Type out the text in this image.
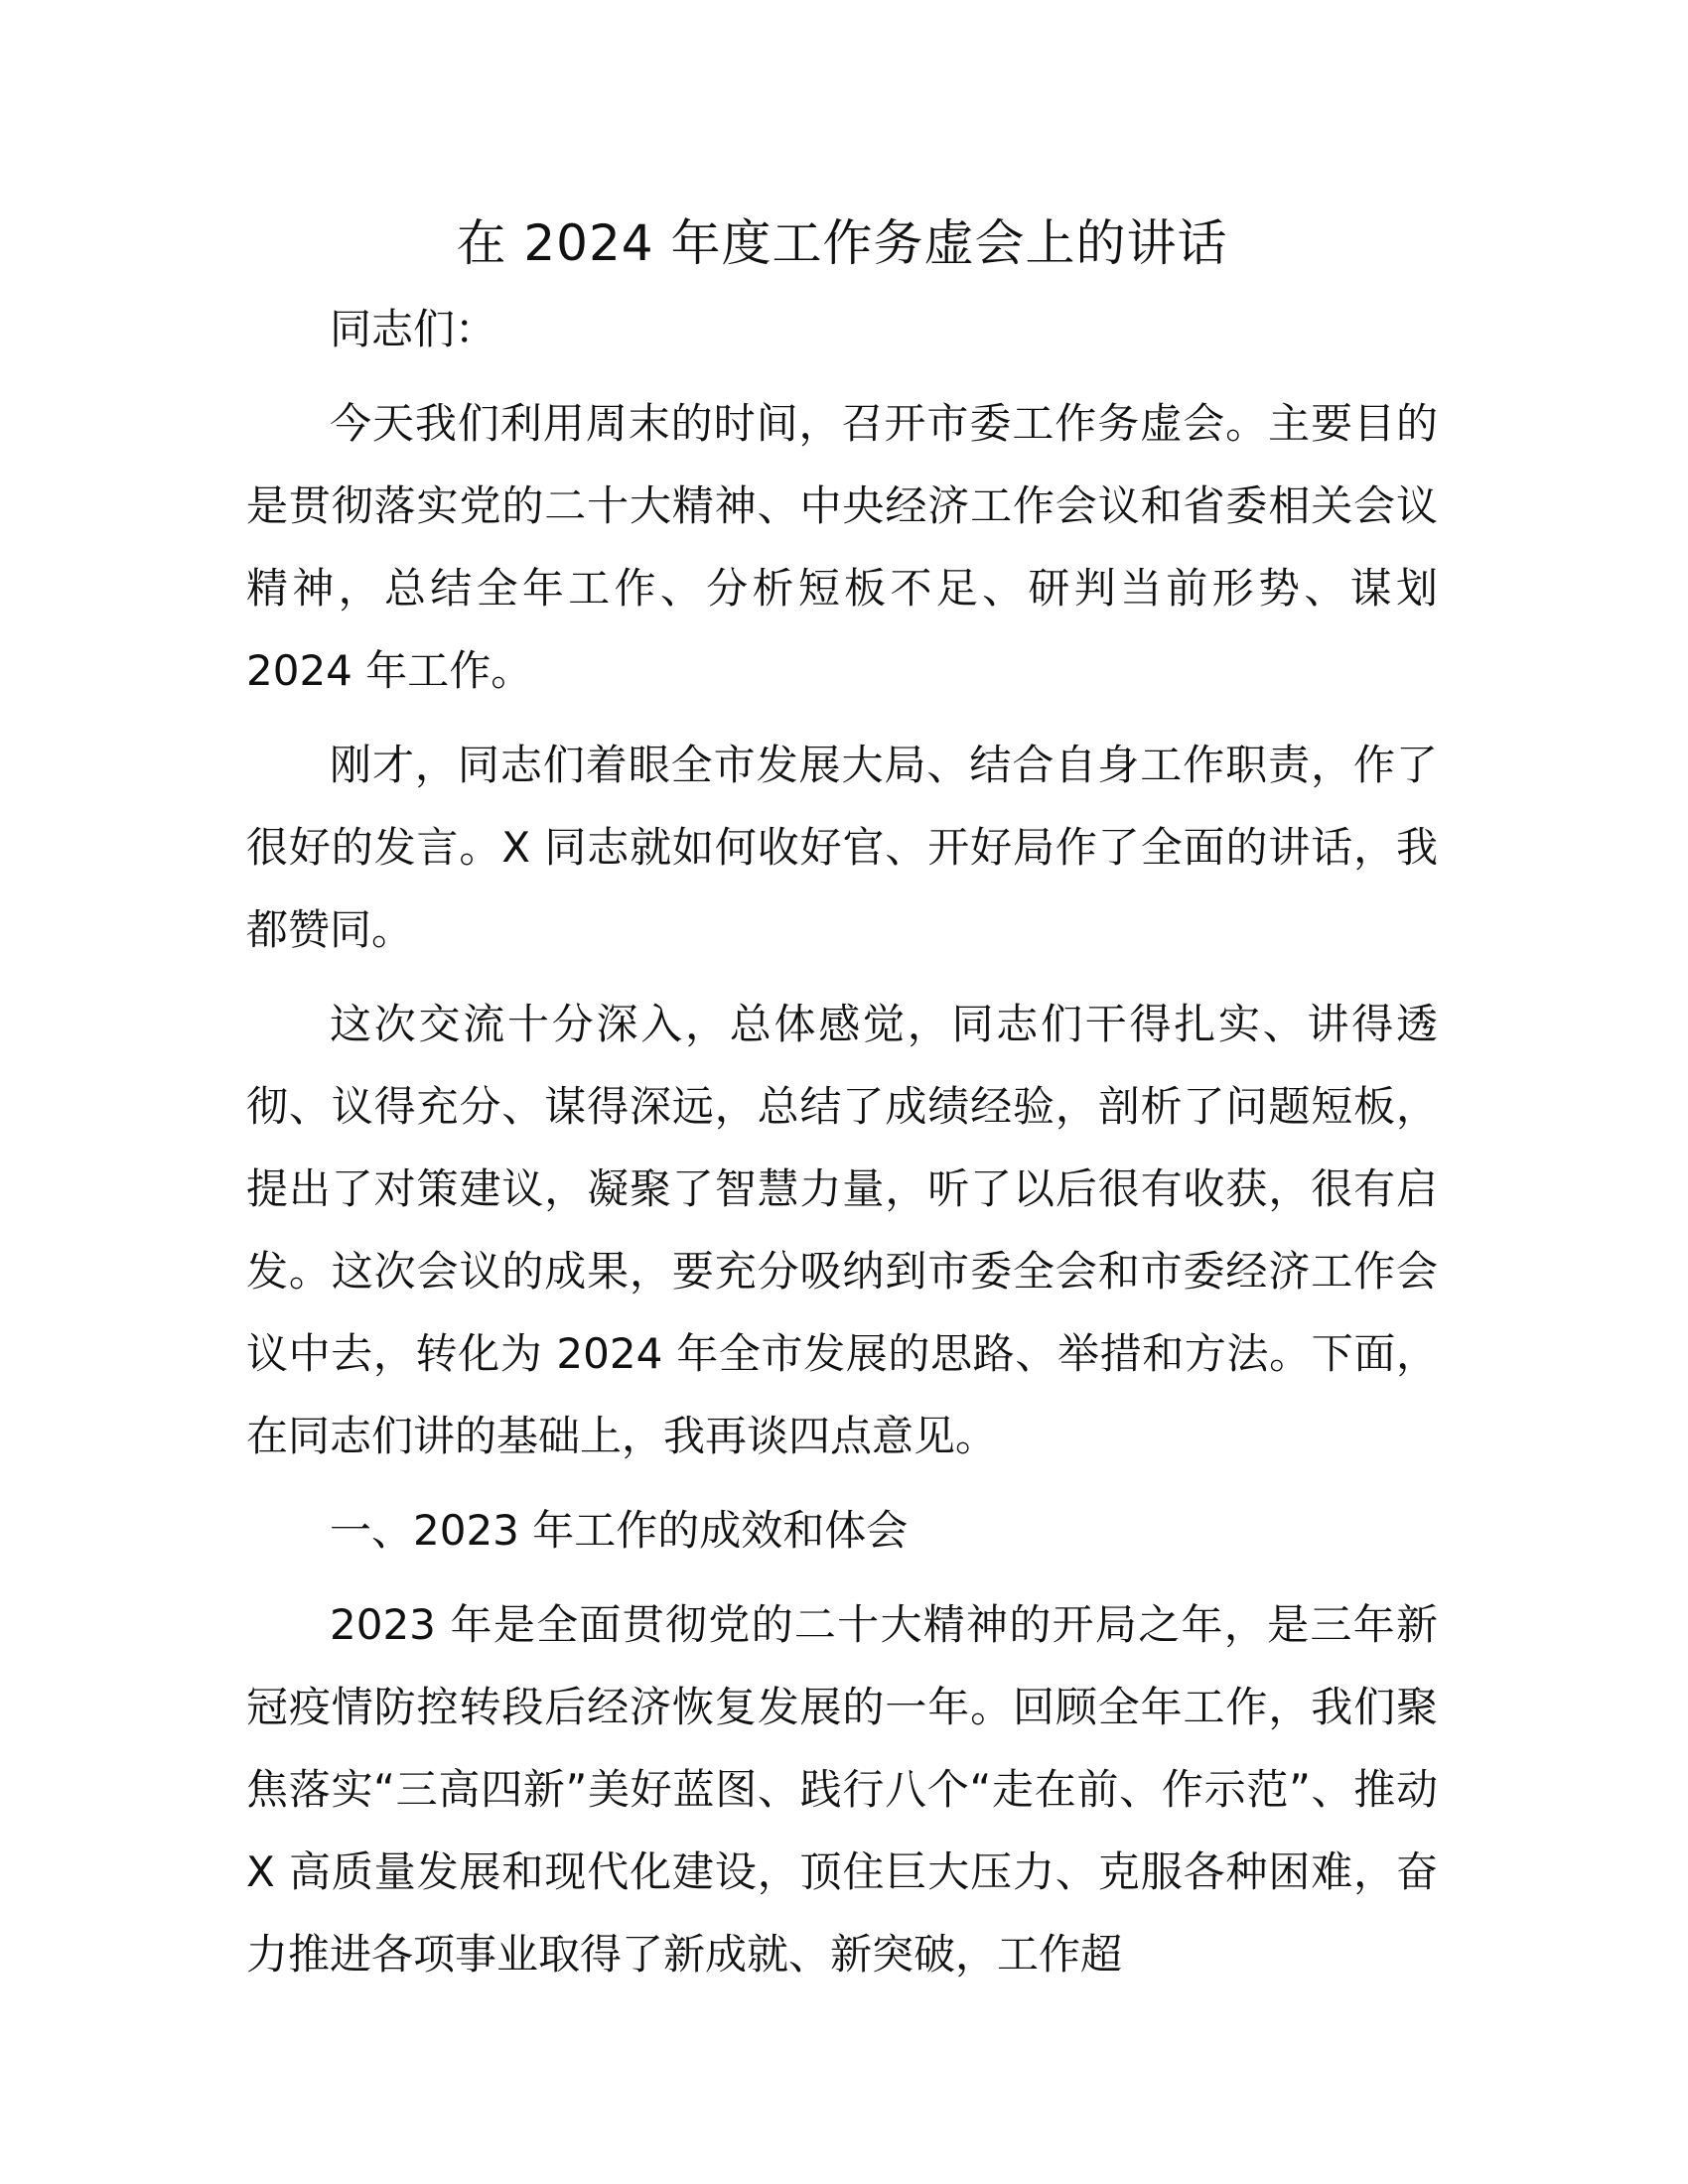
在 2024 年度工作务虚会上的讲话

同志们：

今天我们利用周末的时间，召开市委工作务虚会。主要目的是贯彻落实党的二十大精神、中央经济工作会议和省委相关会议精神，总结全年工作、分析短板不足、研判当前形势、谋划 2024 年工作。

刚才，同志们着眼全市发展大局、结合自身工作职责，作了很好的发言。X 同志就如何收好官、开好局作了全面的讲话，我都赞同。

这次交流十分深入，总体感觉，同志们干得扎实、讲得透彻、议得充分、谋得深远，总结了成绩经验，剖析了问题短板，提出了对策建议，凝聚了智慧力量，听了以后很有收获，很有启发。这次会议的成果，要充分吸纳到市委全会和市委经济工作会议中去，转化为 2024 年全市发展的思路、举措和方法。下面，在同志们讲的基础上，我再谈四点意见。

一、2023 年工作的成效和体会

2023 年是全面贯彻党的二十大精神的开局之年，是三年新冠疫情防控转段后经济恢复发展的一年。回顾全年工作，我们聚焦落实“三高四新”美好蓝图、践行八个“走在前、作示范”、推动 X 高质量发展和现代化建设，顶住巨大压力、克服各种困难，奋力推进各项事业取得了新成就、新突破，工作超
